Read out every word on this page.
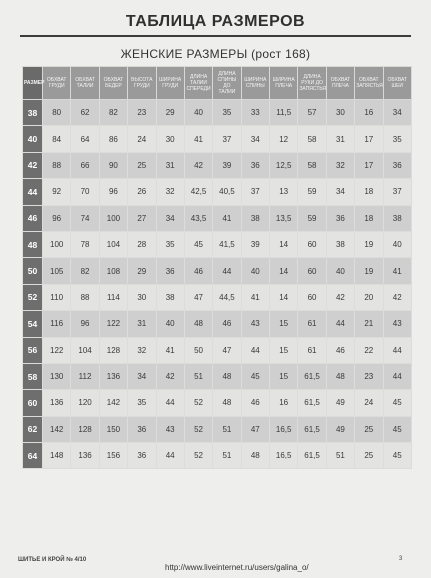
ТАБЛИЦА РАЗМЕРОВ
ЖЕНСКИЕ РАЗМЕРЫ (рост 168)
РАЗМЕР	ОБХВАТ ГРУДИ	ОБХВАТ ТАЛИИ	ОБХВАТ БЕДЕР	ВЫСОТА ГРУДИ	ШИРИНА ГРУДИ	ДЛИНА ТАЛИИ СПЕРЕДИ	ДЛИНА СПИНЫ ДО ТАЛИИ	ШИРИНА СПИНЫ	ШИРИНА ПЛЕЧА	ДЛИНА РУКИ ДО ЗАПЯСТЬЯ	ОБХВАТ ПЛЕЧА	ОБХВАТ ЗАПЯСТЬЯ	ОБХВАТ ШЕИ
38	80	62	82	23	29	40	35	33	11,5	57	30	16	34
40	84	64	86	24	30	41	37	34	12	58	31	17	35
42	88	66	90	25	31	42	39	36	12,5	58	32	17	36
44	92	70	96	26	32	42,5	40,5	37	13	59	34	18	37
46	96	74	100	27	34	43,5	41	38	13,5	59	36	18	38
48	100	78	104	28	35	45	41,5	39	14	60	38	19	40
50	105	82	108	29	36	46	44	40	14	60	40	19	41
52	110	88	114	30	38	47	44,5	41	14	60	42	20	42
54	116	96	122	31	40	48	46	43	15	61	44	21	43
56	122	104	128	32	41	50	47	44	15	61	46	22	44
58	130	112	136	34	42	51	48	45	15	61,5	48	23	44
60	136	120	142	35	44	52	48	46	16	61,5	49	24	45
62	142	128	150	36	43	52	51	47	16,5	61,5	49	25	45
64	148	136	156	36	44	52	51	48	16,5	61,5	51	25	45
ШИТЬЕ И КРОЙ № 4/10	3
http://www.liveinternet.ru/users/galina_o/
